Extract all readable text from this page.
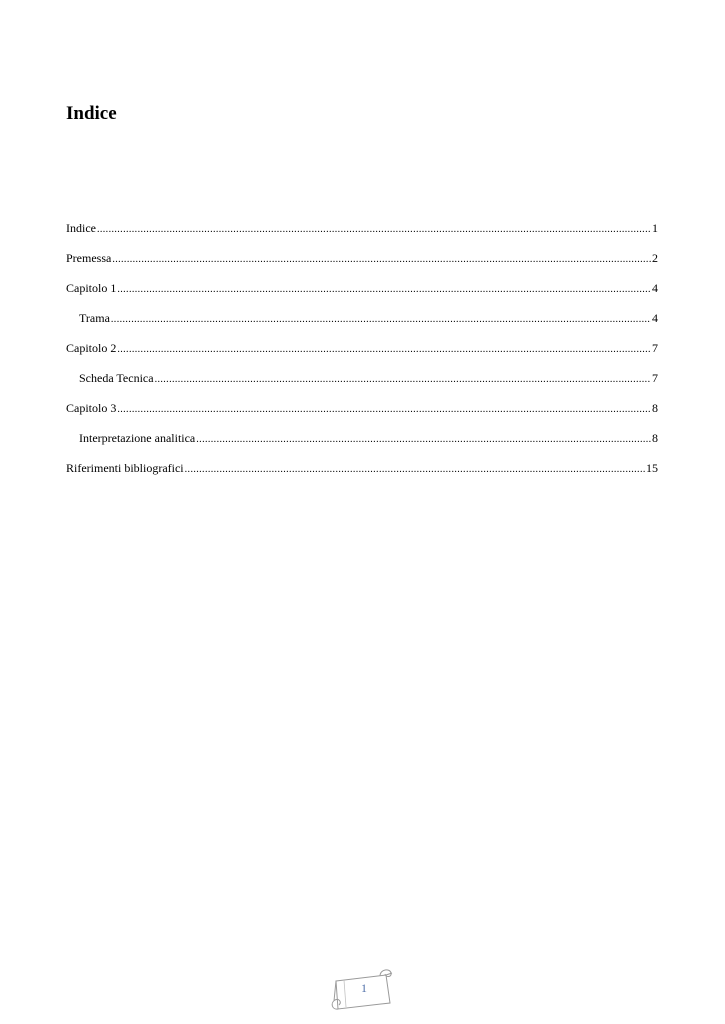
Indice
Indice .....	1
Premessa .....	2
Capitolo 1 .....	4
Trama .....	4
Capitolo 2 .....	7
Scheda Tecnica .....	7
Capitolo 3 .....	8
Interpretazione analitica .....	8
Riferimenti bibliografici .....	15
1
